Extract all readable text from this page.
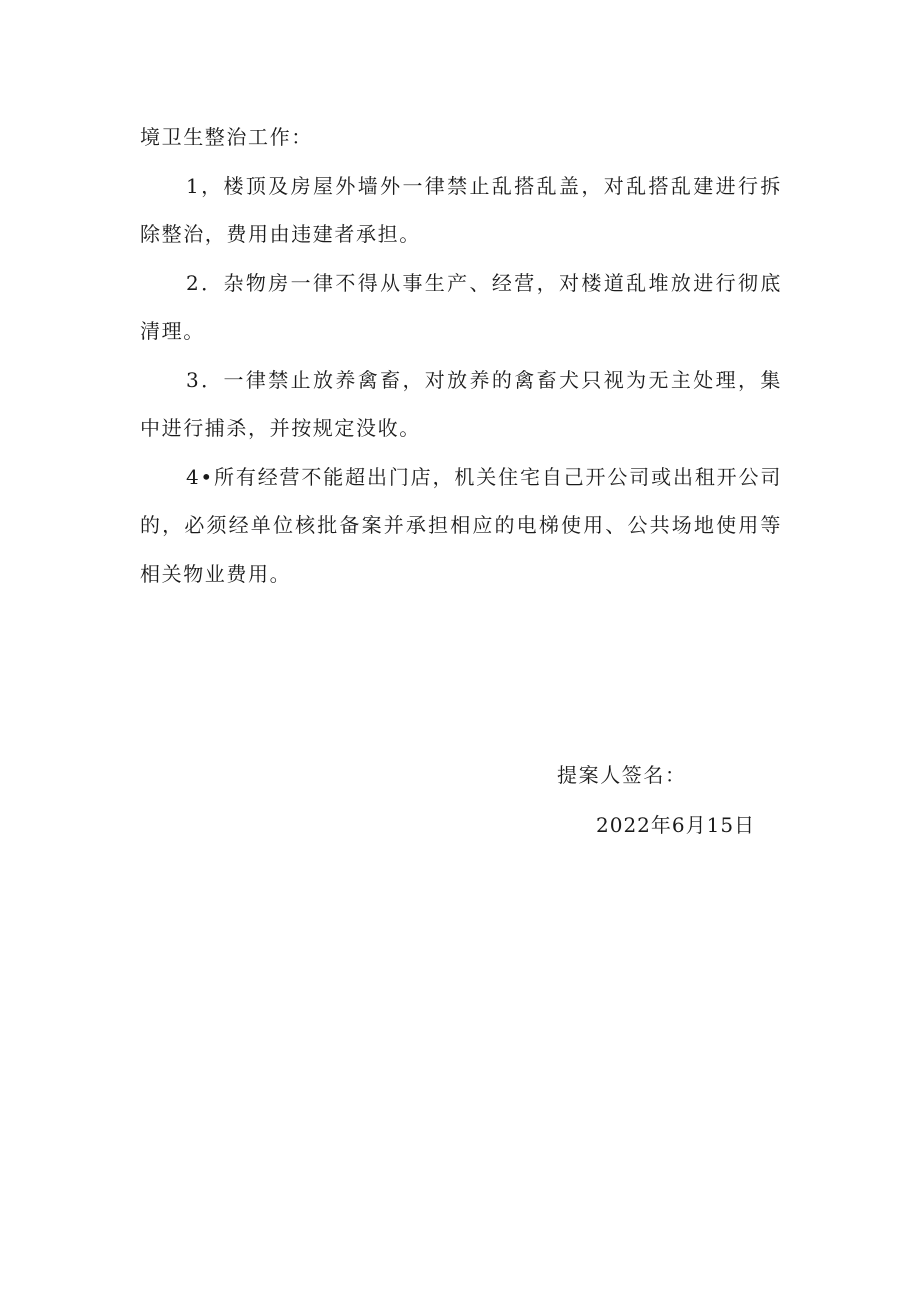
境卫生整治工作：

1，楼顶及房屋外墙外一律禁止乱搭乱盖，对乱搭乱建进行拆除整治，费用由违建者承担。

2．杂物房一律不得从事生产、经营，对楼道乱堆放进行彻底清理。

3．一律禁止放养禽畜，对放养的禽畜犬只视为无主处理，集中进行捕杀，并按规定没收。

4•所有经营不能超出门店，机关住宅自己开公司或出租开公司的，必须经单位核批备案并承担相应的电梯使用、公共场地使用等相关物业费用。

提案人签名：
2022年6月15日
